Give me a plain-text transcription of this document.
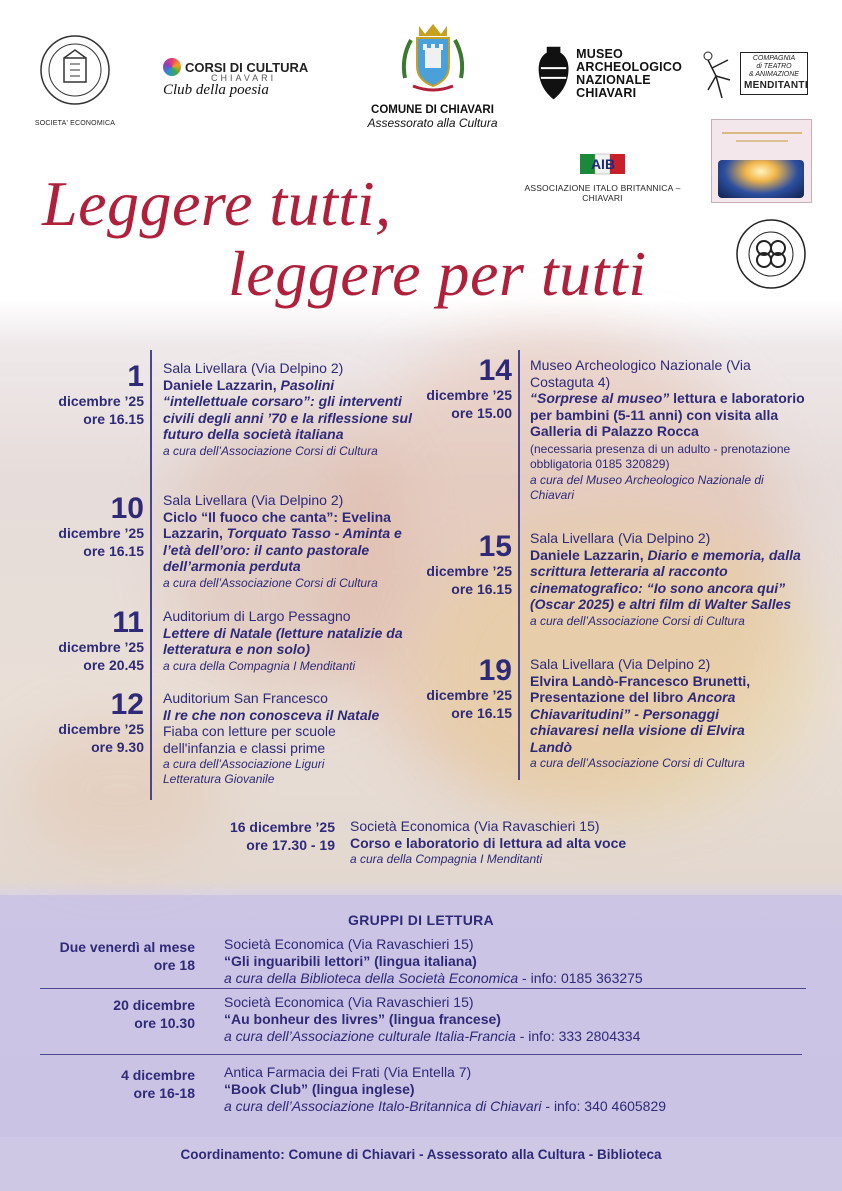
SOCIETA' ECONOMICA
CORSI DI CULTURA
CHIAVARI
Club della poesia
COMUNE DI CHIAVARI
Assessorato alla Cultura
MUSEO
ARCHEOLOGICO
NAZIONALE
CHIAVARI
COMPAGNIA
di TEATRO
& ANIMAZIONE
MENDITANTI
AIB
ASSOCIAZIONE ITALO BRITANNICA – CHIAVARI
Leggere tutti,
leggere per tutti
1
dicembre ’25
ore 16.15
Sala Livellara (Via Delpino 2)
Daniele Lazzarin, Pasolini “intellettuale corsaro”: gli interventi civili degli anni ’70 e la riflessione sul futuro della società italiana
a cura dell’Associazione Corsi di Cultura
10
dicembre ’25
ore 16.15
Sala Livellara (Via Delpino 2)
Ciclo “Il fuoco che canta”: Evelina Lazzarin, Torquato Tasso - Aminta e l’età dell’oro: il canto pastorale dell’armonia perduta
a cura dell’Associazione Corsi di Cultura
11
dicembre ’25
ore 20.45
Auditorium di Largo Pessagno
Lettere di Natale (letture natalizie da letteratura e non solo)
a cura della Compagnia I Menditanti
12
dicembre ’25
ore 9.30
Auditorium San Francesco
Il re che non conosceva il Natale
Fiaba con letture per scuole dell'infanzia e classi prime
a cura dell’Associazione Liguri Letteratura Giovanile
14
dicembre ’25
ore 15.00
Museo Archeologico Nazionale (Via Costaguta 4)
“Sorprese al museo” lettura e laboratorio per bambini (5-11 anni) con visita alla Galleria di Palazzo Rocca
(necessaria presenza di un adulto - prenotazione obbligatoria 0185 320829)
a cura del Museo Archeologico Nazionale di Chiavari
15
dicembre ’25
ore 16.15
Sala Livellara (Via Delpino 2)
Daniele Lazzarin, Diario e memoria, dalla scrittura letteraria al racconto cinematografico: “Io sono ancora qui” (Oscar 2025) e altri film di Walter Salles
a cura dell’Associazione Corsi di Cultura
19
dicembre ’25
ore 16.15
Sala Livellara (Via Delpino 2)
Elvira Landò-Francesco Brunetti, Presentazione del libro Ancora Chiavaritudini” - Personaggi chiavaresi nella visione di Elvira Landò
a cura dell’Associazione Corsi di Cultura
16 dicembre ’25
ore 17.30 - 19
Società Economica (Via Ravaschieri 15)
Corso e laboratorio di lettura ad alta voce
a cura della Compagnia I Menditanti
GRUPPI DI LETTURA
Due venerdì al mese
ore 18
Società Economica (Via Ravaschieri 15)
“Gli inguaribili lettori” (lingua italiana)
a cura della Biblioteca della Società Economica - info: 0185 363275
20 dicembre
ore 10.30
Società Economica (Via Ravaschieri 15)
“Au bonheur des livres” (lingua francese)
a cura dell’Associazione culturale Italia-Francia - info: 333 2804334
4 dicembre
ore 16-18
Antica Farmacia dei Frati (Via Entella 7)
“Book Club” (lingua inglese)
a cura dell’Associazione Italo-Britannica di Chiavari - info: 340 4605829
Coordinamento: Comune di Chiavari - Assessorato alla Cultura - Biblioteca
